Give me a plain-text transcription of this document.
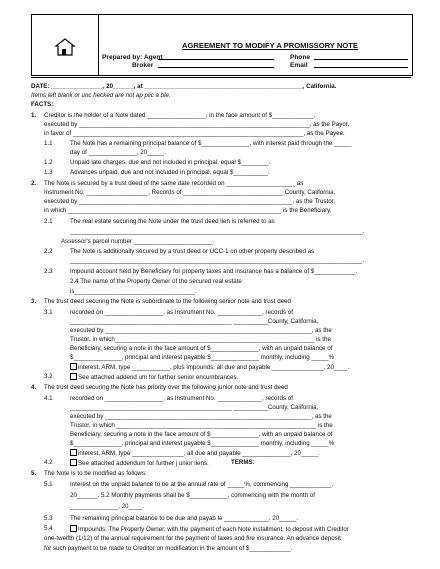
AGREEMENT TO MODIFY A PROMISSORY NOTE
Prepared by: Agent
Broker
Phone
Email
DATE: _______________, 20______, at ______________________________________________, California.
Items left blank or unc hecked are not ap plic a ble.
FACTS:
1. Creditor is the holder of a Note dated _________________, in the face amount of $____________,
executed by ___________________________________________________________________, as the Payor,
in favor of ___________________________________________________________________, as the Payee.
1.1	The Note has a remaining principal balance of $______________, with interest paid through the _____
day of ______________, 20_____.
1.2	Unpaid late charges, due and not included in principal, equal $________.
1.3	Advances unpaid, due and not included in principal, equal $__________.
2. The Note is secured by a trust deed of the same date recorded on ____________________ as
Instrument No. __________________, Records of _____________________________ County, California,
executed by ______________________________________________________________, as the Trustor,
in which ______________________________________________________________ is the Beneficiary.
2.1	The real estate securing the Note under the trust deed lien is referred to as
_____________________________________________________________________________________.
Assessor's parcel number _______________________.
2.2	The Note is additionally secured by a trust deed or UCC-1 on other property described as
_____________________________________________________________________________________.
2.3	Impound account held by Beneficiary for property taxes and insurance has a balance of $____________.
2.4 The name of the Property Owner of the secured real estate
is___________________________________.
3. The trust deed securing the Note is subordinate to the following senior note and trust deed
3.1	recorded on _________________, as Instrument No. _____________, records of
_______________________________________________ __________County, California,
executed by ____________________________________________________________, as the
Trustor, in which__________________________________________________________ is the
Beneficiary, securing a note in the face amount of $______________, with an unpaid balance of
$______________, principal and interest payable $______________ monthly, including _____%
interest, ARM, type ___________, plus impounds, all due and payable _______________, 20____.
3.2	See attached addend um for further senior encumbrances.
4. The trust deed securing the Note has priority over the following junior note and trust deed
4.1	recorded on _________________, as Instrument No. _____________, records of
_______________________________________________ __________County, California,
executed by ____________________________________________________________, as the
Trustor, in which __________________________________________________________ is the
Beneficiary, securing a note in the face amount of $______________, with an unpaid balance of
$______________, principal and interest payable $______________ monthly, including _____%
interest, ARM, type _______________, all due and payable ______________, 20_____.
4.2	See attached addendum for further j unior liens.	TERMS:
5. The Note is to be modified as follows:
5.1	Interest on the unpaid balance to be at the annual rate of _____%, commencing ____________,
20______. 5.2 Monthly payments shall be $___________, commencing with the month of
______________, 20____.
5.3	The remaining principal balance to be due and payab le _____________, 20_____.
5.4	Impounds: The Property Owner, with the payment of each Note installment, to deposit with Creditor
one-twelfth (1/12) of the annual requirement for the payment of taxes and fire insurance. An advance deposit
for such payment to be made to Creditor on modification in the amount of $____________.
